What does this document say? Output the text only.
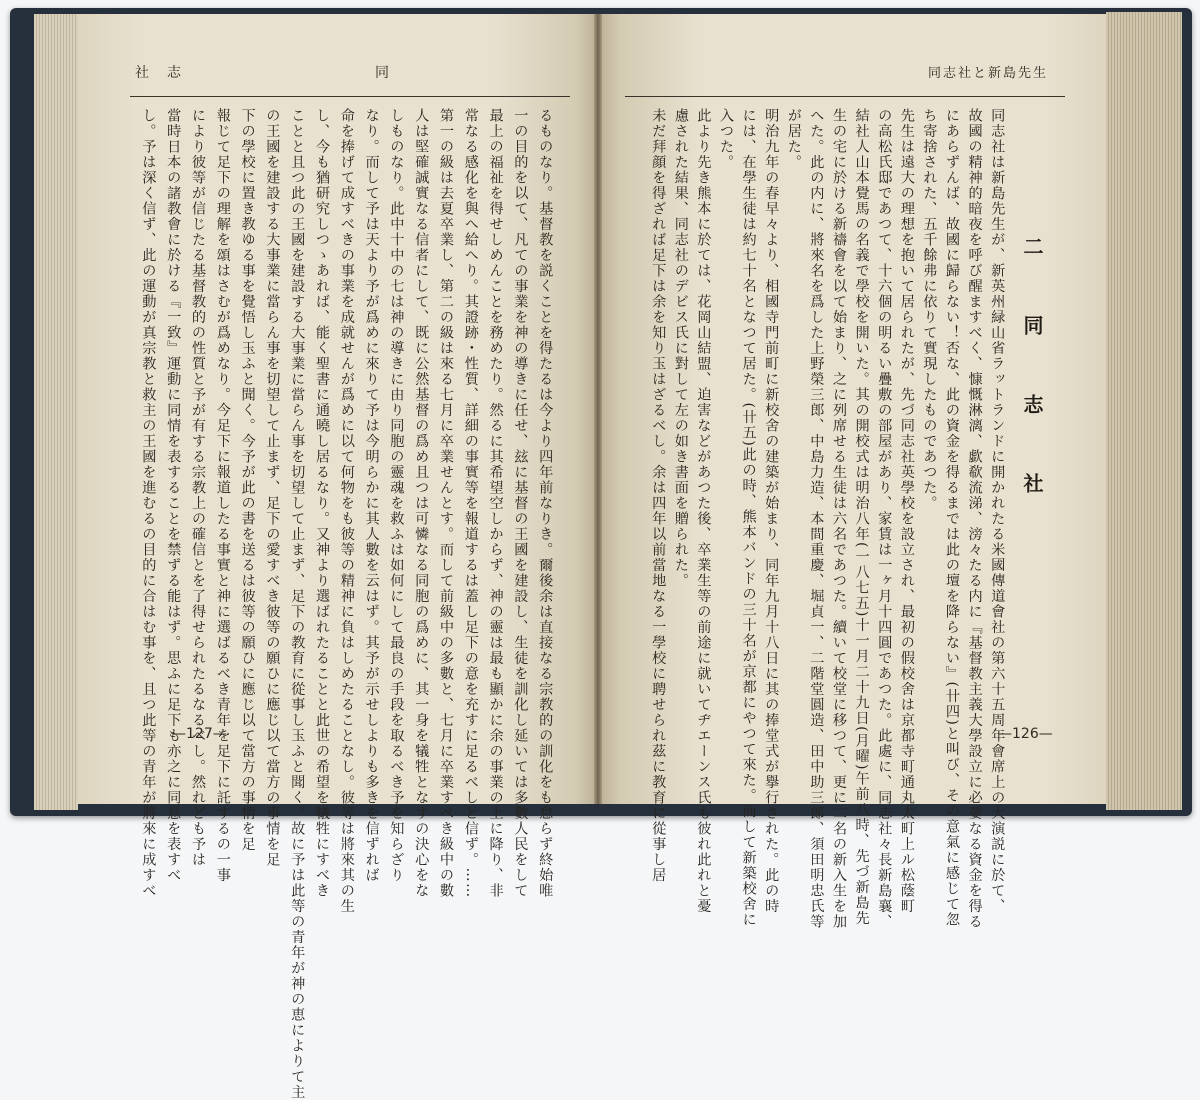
社志	同	同志社と新島先生
二 同 志 社
同志社は新島先生が、新英州緑山省ラットランドに開かれたる米國傳道會社の第六十五周年會席上の大演説に於て、
故國の精神的暗夜を呼び醒ますべく、慷慨淋漓、歔欷流涕、滂々たる内に『基督教主義大學設立に必要なる資金を得る
にあらずんば、故國に歸らない！否な、此の資金を得るまでは此の壇を降らない』(卄四)と叫び、その意氣に感じて忽
ち寄捨された、五千餘弗に依りて實現したものであつた。
先生は遠大の理想を抱いて居られたが、先づ同志社英學校を設立され、最初の假校舍は京都寺町通丸太町上ル松蔭町
の高松氏邸であつて、十六個の明るい疊敷の部屋があり、家賃は一ヶ月十四圓であつた。此處に、同志社々長新島襄、
結社人山本覺馬の名義で學校を開いた。其の開校式は明治八年(一八七五)十一月二十九日(月曜)午前八時、先づ新島先
生の宅に於ける新禱會を以て始まり、之に列席せる生徒は六名であつた。續いて校堂に移つて、更に二名の新入生を加
へた。此の内に、將來名を爲した上野榮三郎、中島力造、本間重慶、堀貞一、二階堂圓造、田中助三郎、須田明忠氏等
が居た。
明治九年の春早々より、相國寺門前町に新校舍の建築が始まり、同年九月十八日に其の捧堂式が擧行された。此の時
には、在學生徒は約七十名となつて居た。(卄五)此の時、熊本バンドの三十名が京都にやつて來た。而して新築校舍に
入つた。
此より先き熊本に於ては、花岡山結盟、迫害などがあつた後、卒業生等の前途に就いてヂエーンス氏も彼れ此れと憂
慮された結果、同志社のデビス氏に對して左の如き書面を贈られた。
未だ拜顔を得ざれば足下は余を知り玉はざるべし。余は四年以前當地なる一學校に聘せられ茲に教育に從事し居
るものなり。基督教を説くことを得たるは今より四年前なりき。爾後余は直接なる宗教的の訓化をも怠らず終始唯
一の目的を以て、凡ての事業を神の導きに任せ、玆に基督の王國を建設し、生徒を訓化し延いては多數人民をして
最上の福祉を得せしめんことを務めたり。然るに其希望空しからず、神の靈は最も顯かに余の事業の上に降り、非
常なる感化を與へ給へり。其證跡・性質、詳細の事實等を報道するは蓋し足下の意を充すに足るべしと信ず。……
第一の級は去夏卒業し、第二の級は來る七月に卒業せんとす。而して前級中の多數と、七月に卒業すべき級中の數
人は堅確誠實なる信者にして、既に公然基督の爲め且つは可憐なる同胞の爲めに、其一身を犠牲となすの決心をな
しものなり。此中十中の七は神の導きに由り同胞の靈魂を救ふは如何にして最良の手段を取るべき予を知らざり
なり。而して予は天より予が爲めに來りて予は今明らかに其人數を云はず。其予が示せしよりも多きを信ずれば
命を捧げて成すべきの事業を成就せんが爲めに以て何物をも彼等の精神に負はしめたることなし。彼等は將來其の生
し、今も猶研究しつゝあれば、能く聖書に通曉し居るなり。又神より選ばれたることと此世の希望を犠牲にすべき
ことと且つ此の王國を建設する大事業に當らん事を切望して止まず、足下の教育に從事し玉ふと聞く。故に予は此等の青年が神の恵によりて主
の王國を建設する大事業に當らん事を切望して止まず、足下の愛すべき彼等の願ひに應じ以て當方の事情を足
下の學校に置き教ゆる事を覺悟し玉ふと聞く。今予が此の書を送るは彼等の願ひに應じ以て當方の事情を足
報じて足下の理解を頌はさむが爲めなり。今足下に報道したる事實と神に選ばるべき青年を足下に託するの一事
により彼等が信じたる基督教的の性質と予が有する宗教上の確信とを了得せられたるなるべし。然れども予は
當時日本の諸教會に於ける『一致』運動に同情を表することを禁ずる能はず。思ふに足下も亦之に同意を表すべ
し。予は深く信ず、此の運動が真宗教と救主の王國を進むるの目的に合はむ事を、且つ此等の青年が將來に成すべ —127—	—126—
